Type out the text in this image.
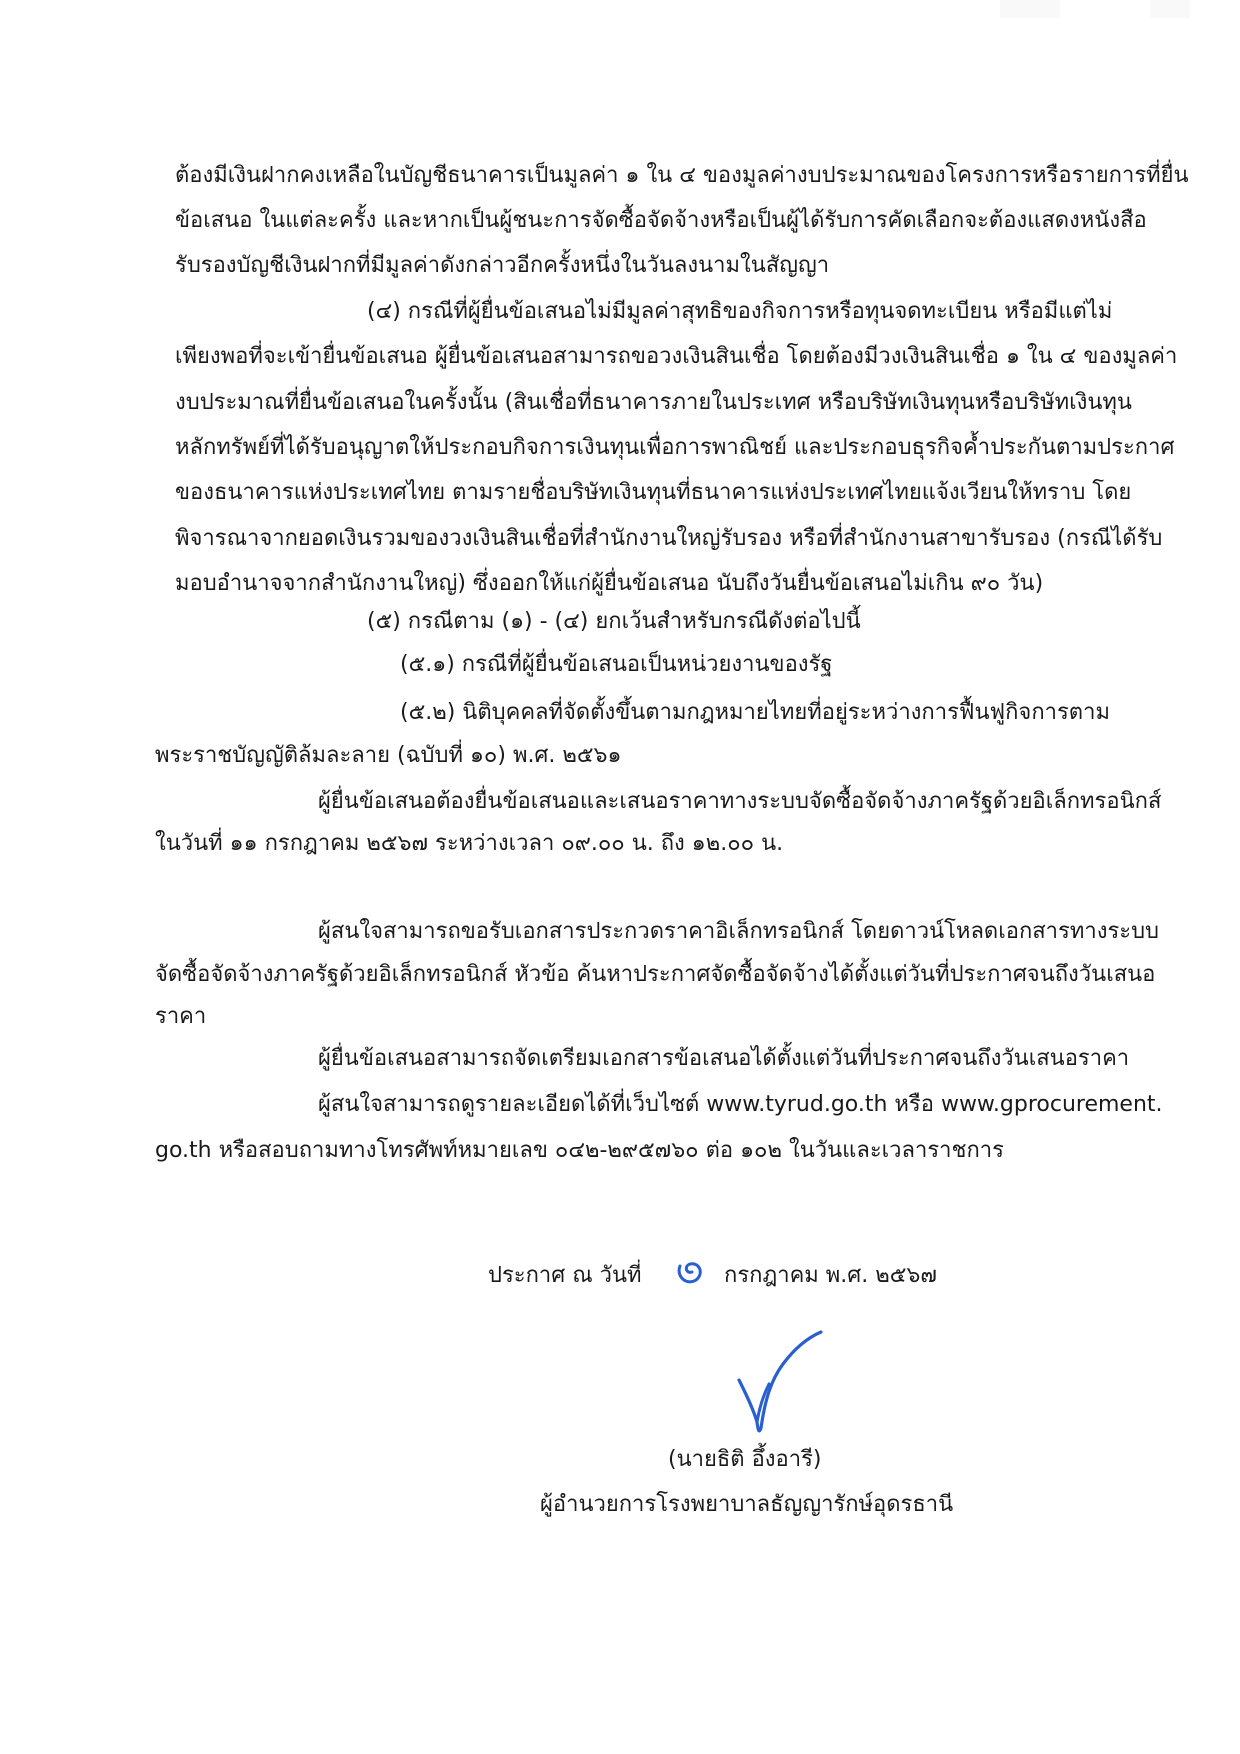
ต้องมีเงินฝากคงเหลือในบัญชีธนาคารเป็นมูลค่า ๑ ใน ๔ ของมูลค่างบประมาณของโครงการหรือรายการที่ยื่น
ข้อเสนอ ในแต่ละครั้ง และหากเป็นผู้ชนะการจัดซื้อจัดจ้างหรือเป็นผู้ได้รับการคัดเลือกจะต้องแสดงหนังสือ
รับรองบัญชีเงินฝากที่มีมูลค่าดังกล่าวอีกครั้งหนึ่งในวันลงนามในสัญญา
(๔) กรณีที่ผู้ยื่นข้อเสนอไม่มีมูลค่าสุทธิของกิจการหรือทุนจดทะเบียน หรือมีแต่ไม่
เพียงพอที่จะเข้ายื่นข้อเสนอ ผู้ยื่นข้อเสนอสามารถขอวงเงินสินเชื่อ โดยต้องมีวงเงินสินเชื่อ ๑ ใน ๔ ของมูลค่า
งบประมาณที่ยื่นข้อเสนอในครั้งนั้น (สินเชื่อที่ธนาคารภายในประเทศ หรือบริษัทเงินทุนหรือบริษัทเงินทุน
หลักทรัพย์ที่ได้รับอนุญาตให้ประกอบกิจการเงินทุนเพื่อการพาณิชย์ และประกอบธุรกิจค้ำประกันตามประกาศ
ของธนาคารแห่งประเทศไทย ตามรายชื่อบริษัทเงินทุนที่ธนาคารแห่งประเทศไทยแจ้งเวียนให้ทราบ โดย
พิจารณาจากยอดเงินรวมของวงเงินสินเชื่อที่สำนักงานใหญ่รับรอง หรือที่สำนักงานสาขารับรอง (กรณีได้รับ
มอบอำนาจจากสำนักงานใหญ่) ซึ่งออกให้แก่ผู้ยื่นข้อเสนอ นับถึงวันยื่นข้อเสนอไม่เกิน ๙๐ วัน)
(๕) กรณีตาม (๑) - (๔) ยกเว้นสำหรับกรณีดังต่อไปนี้
(๕.๑) กรณีที่ผู้ยื่นข้อเสนอเป็นหน่วยงานของรัฐ
(๕.๒) นิติบุคคลที่จัดตั้งขึ้นตามกฎหมายไทยที่อยู่ระหว่างการฟื้นฟูกิจการตาม
พระราชบัญญัติล้มละลาย (ฉบับที่ ๑๐) พ.ศ. ๒๕๖๑
ผู้ยื่นข้อเสนอต้องยื่นข้อเสนอและเสนอราคาทางระบบจัดซื้อจัดจ้างภาครัฐด้วยอิเล็กทรอนิกส์
ในวันที่ ๑๑ กรกฎาคม ๒๕๖๗ ระหว่างเวลา ๐๙.๐๐ น. ถึง ๑๒.๐๐ น.
ผู้สนใจสามารถขอรับเอกสารประกวดราคาอิเล็กทรอนิกส์ โดยดาวน์โหลดเอกสารทางระบบ
จัดซื้อจัดจ้างภาครัฐด้วยอิเล็กทรอนิกส์ หัวข้อ ค้นหาประกาศจัดซื้อจัดจ้างได้ตั้งแต่วันที่ประกาศจนถึงวันเสนอ
ราคา
ผู้ยื่นข้อเสนอสามารถจัดเตรียมเอกสารข้อเสนอได้ตั้งแต่วันที่ประกาศจนถึงวันเสนอราคา
ผู้สนใจสามารถดูรายละเอียดได้ที่เว็บไซต์ www.tyrud.go.th หรือ www.gprocurement.
go.th หรือสอบถามทางโทรศัพท์หมายเลข ๐๔๒-๒๙๕๗๖๐ ต่อ ๑๐๒ ในวันและเวลาราชการ
ประกาศ ณ วันที่	กรกฎาคม พ.ศ. ๒๕๖๗
(นายธิติ อึ้งอารี)
ผู้อำนวยการโรงพยาบาลธัญญารักษ์อุดรธานี
